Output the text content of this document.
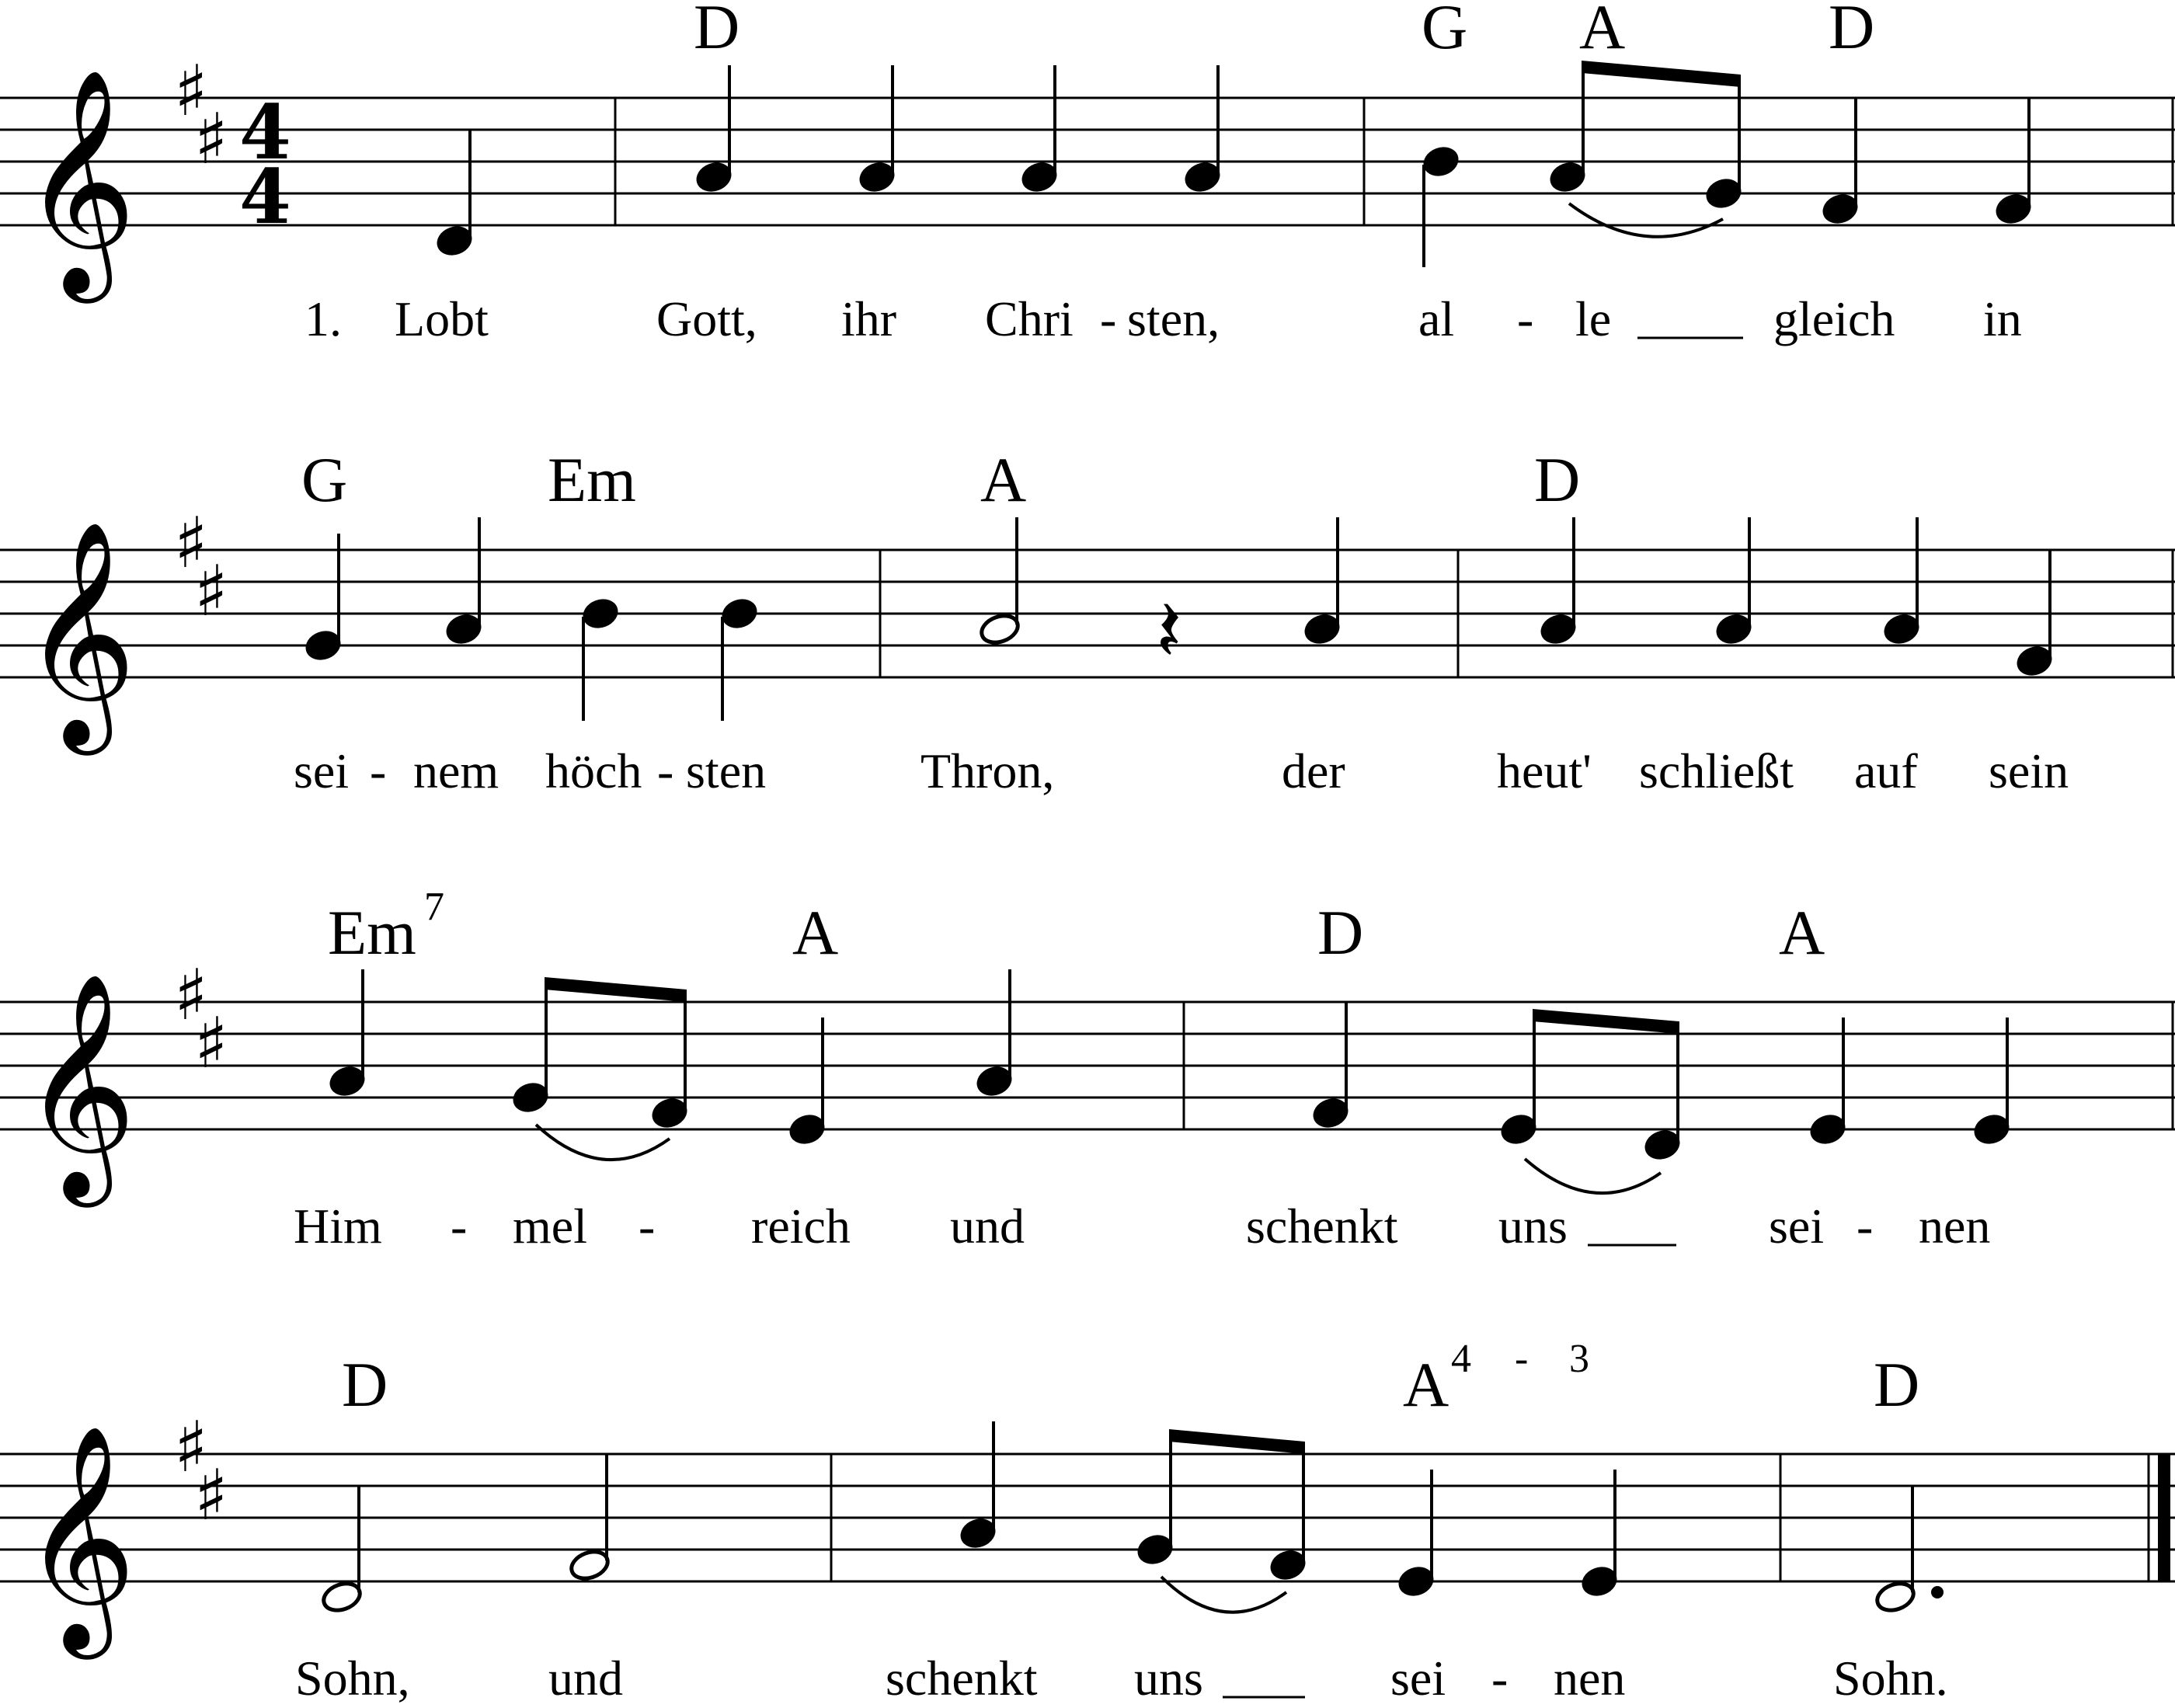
𝄞 ♯
♯ 4
4
D	G A	D
1. Lobt	Gott, ihr Chri - sten,	al - le	gleich in
𝄞 ♯
♯	𝄽
G	Em	A	D
sei - nem höch - sten	Thron,	der	heut' schließt auf sein
𝄞 ♯
♯
Em 7	A	D	A
Him - mel - reich und	schenkt uns	sei - nen
𝄞 ♯
♯
D	A 4 - 3	D
Sohn,	und	schenkt uns	sei - nen	Sohn.
